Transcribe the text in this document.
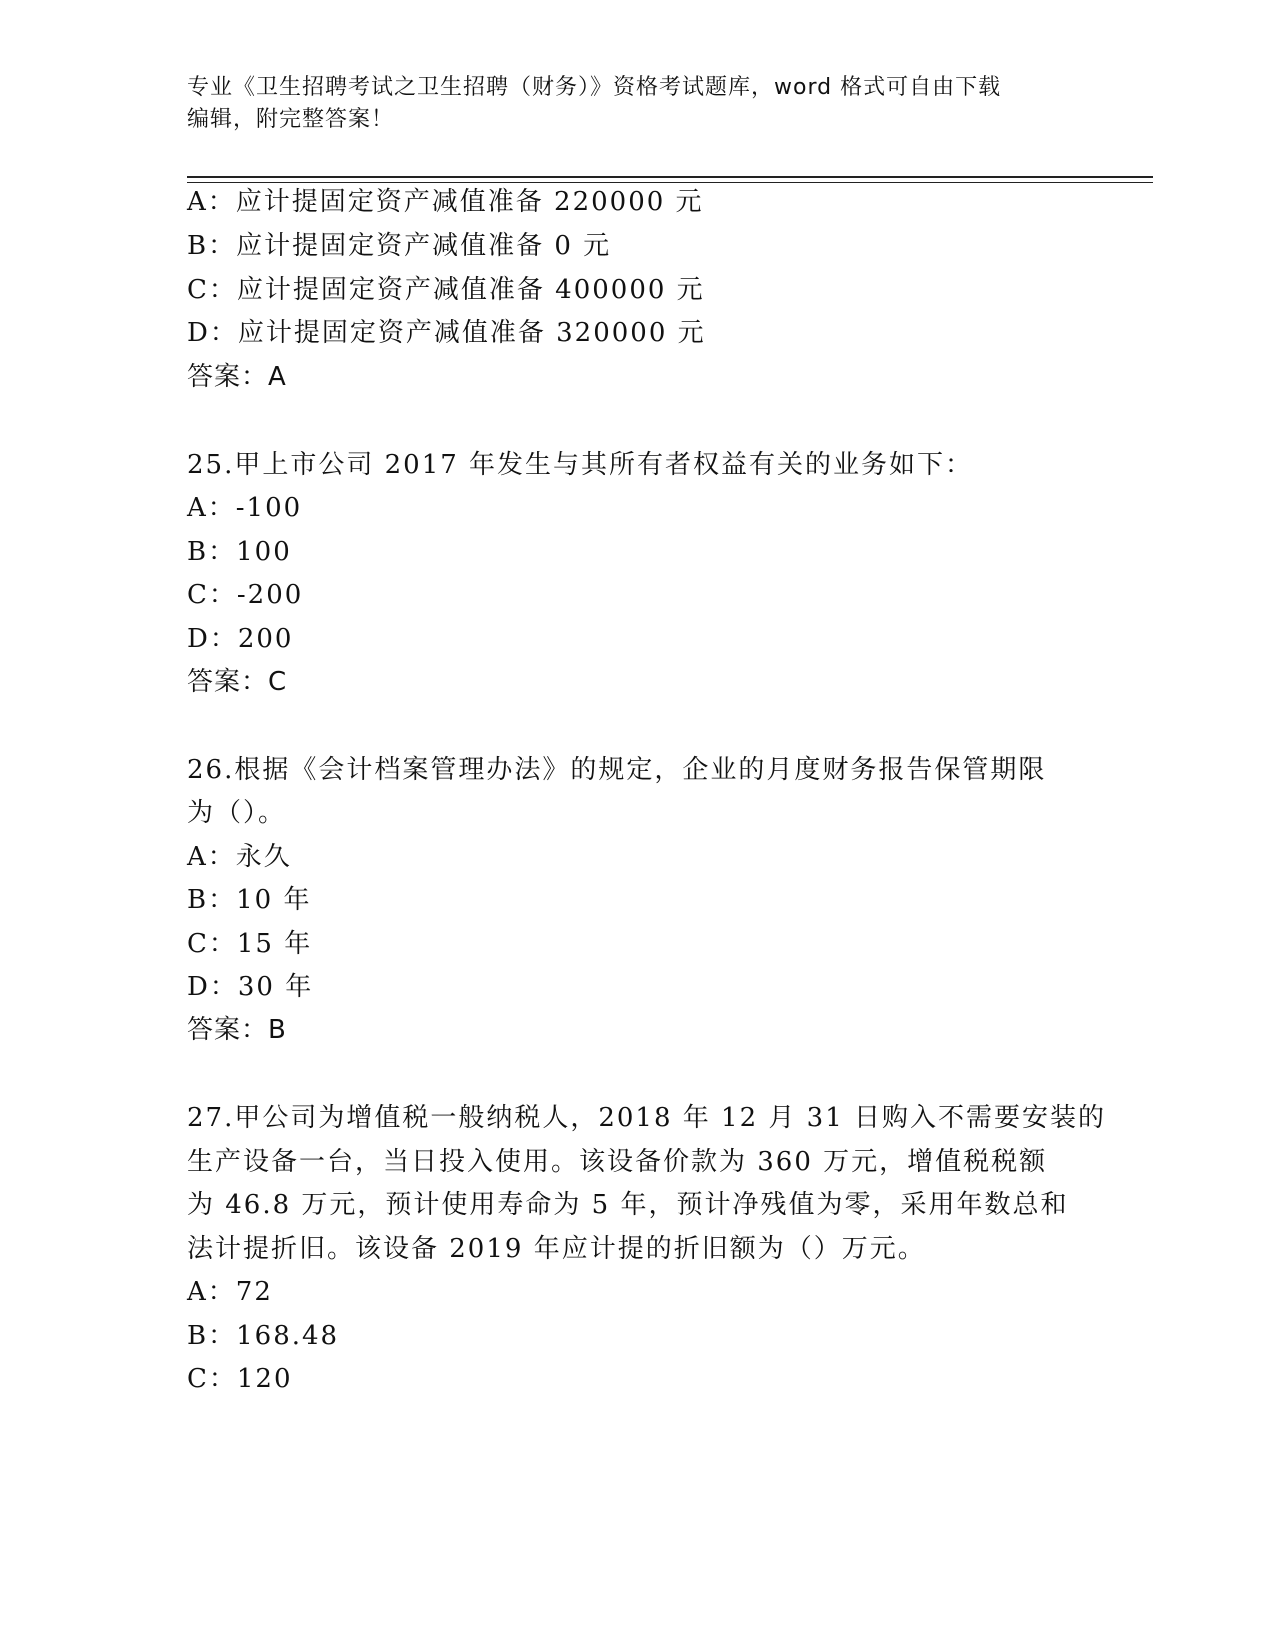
专业《卫生招聘考试之卫生招聘（财务）》资格考试题库，word 格式可自由下载
编辑，附完整答案！
A：应计提固定资产减值准备 220000 元
B：应计提固定资产减值准备 0 元
C：应计提固定资产减值准备 400000 元
D：应计提固定资产减值准备 320000 元
答案：A
25.甲上市公司 2017 年发生与其所有者权益有关的业务如下：
A：-100
B：100
C：-200
D：200
答案：C
26.根据《会计档案管理办法》的规定，企业的月度财务报告保管期限
为（）。
A：永久
B：10 年
C：15 年
D：30 年
答案：B
27.甲公司为增值税一般纳税人，2018 年 12 月 31 日购入不需要安装的
生产设备一台，当日投入使用。该设备价款为 360 万元，增值税税额
为 46.8 万元，预计使用寿命为 5 年，预计净残值为零，采用年数总和
法计提折旧。该设备 2019 年应计提的折旧额为（）万元。
A：72
B：168.48
C：120
